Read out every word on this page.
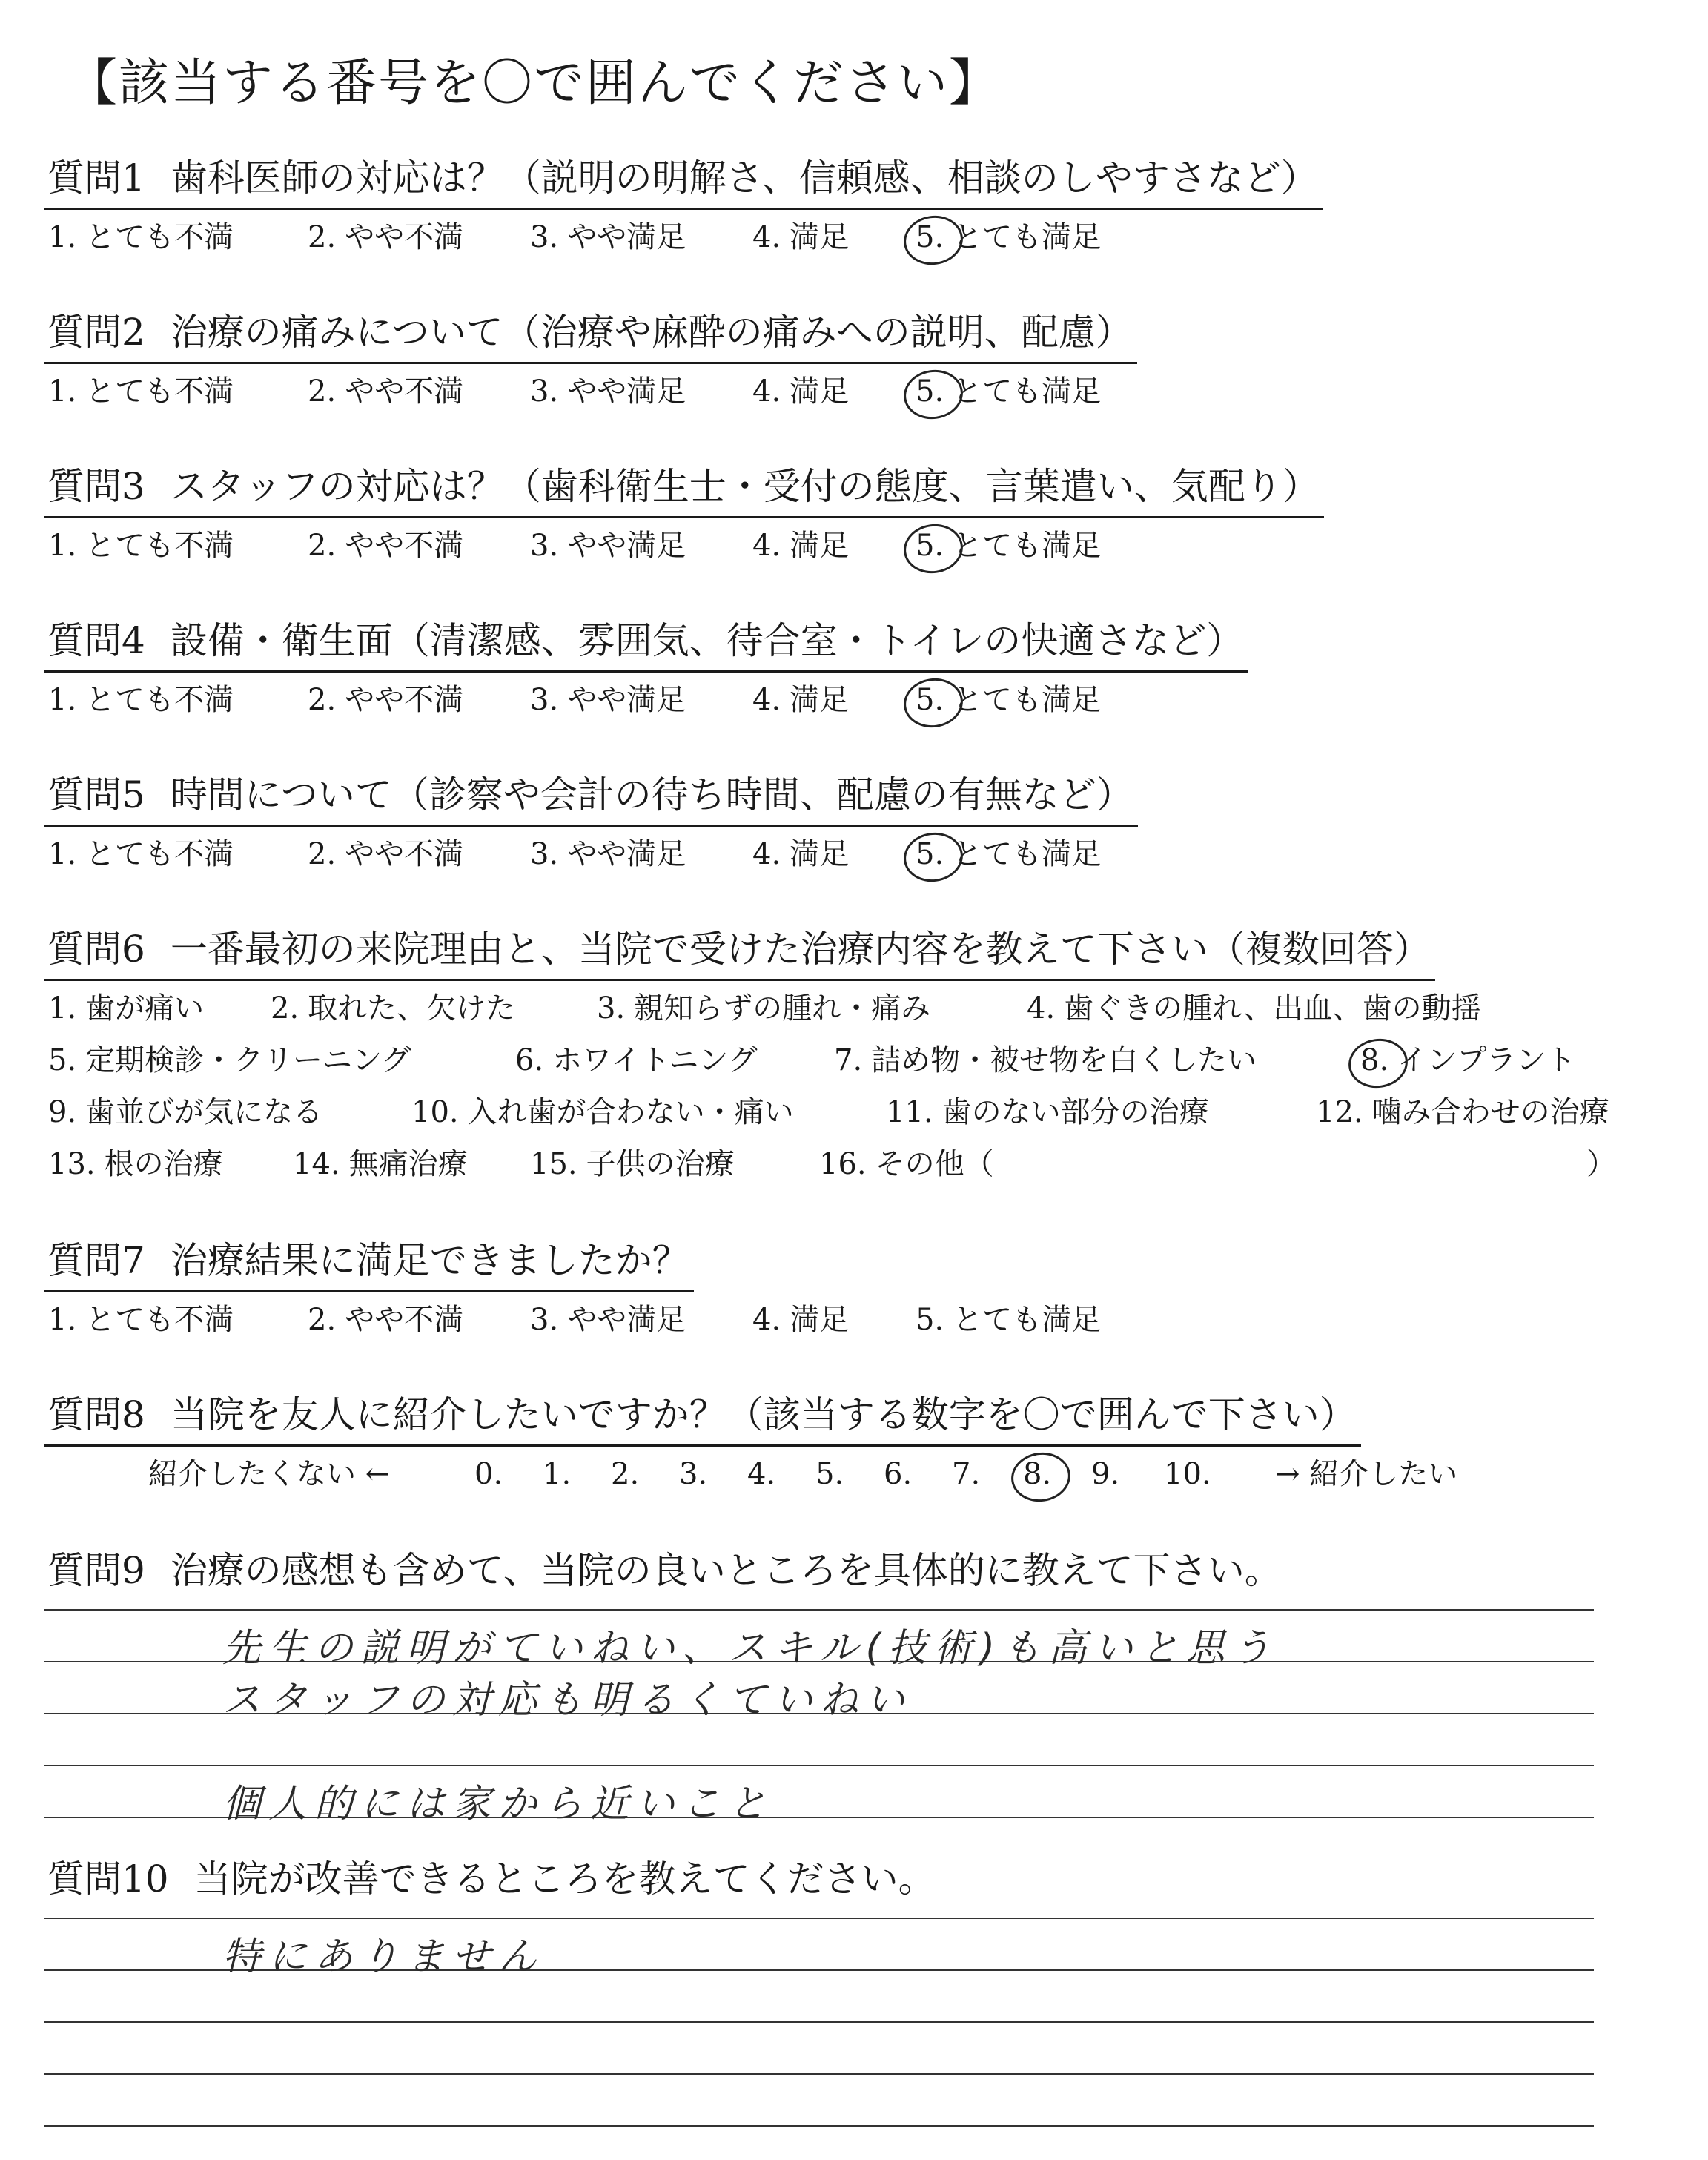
【該当する番号を〇で囲んでください】
質問1 歯科医師の対応は？（説明の明解さ、信頼感、相談のしやすさなど）
1. とても不満 2. やや不満 3. やや満足 4. 満足 5. とても満足
質問2 治療の痛みについて（治療や麻酔の痛みへの説明、配慮）
1. とても不満 2. やや不満 3. やや満足 4. 満足 5. とても満足
質問3 スタッフの対応は？（歯科衛生士・受付の態度、言葉遣い、気配り）
1. とても不満 2. やや不満 3. やや満足 4. 満足 5. とても満足
質問4 設備・衛生面（清潔感、雰囲気、待合室・トイレの快適さなど）
1. とても不満 2. やや不満 3. やや満足 4. 満足 5. とても満足
質問5 時間について（診察や会計の待ち時間、配慮の有無など）
1. とても不満 2. やや不満 3. やや満足 4. 満足 5. とても満足
質問6 一番最初の来院理由と、当院で受けた治療内容を教えて下さい（複数回答）
1. 歯が痛い 2. 取れた、欠けた	3. 親知らずの腫れ・痛み	4. 歯ぐきの腫れ、出血、歯の動揺
5. 定期検診・クリーニング	6. ホワイトニング	7. 詰め物・被せ物を白くしたい	8. インプラント
9. 歯並びが気になる	10. 入れ歯が合わない・痛い	11. 歯のない部分の治療	12. 噛み合わせの治療
13. 根の治療 14. 無痛治療 15. 子供の治療	16. その他（	）
質問7 治療結果に満足できましたか？
1. とても不満 2. やや不満 3. やや満足 4. 満足 5. とても満足
質問8 当院を友人に紹介したいですか？（該当する数字を〇で囲んで下さい）
紹介したくない ←	0.	1.	2.	3.	4.	5.	6.	7.	8.	9.	10.	→ 紹介したい
質問9 治療の感想も含めて、当院の良いところを具体的に教えて下さい。
先生の説明がていねい、スキル(技術)も高いと思う
スタッフの対応も明るくていねい
個人的には家から近いこと
質問10 当院が改善できるところを教えてください。
特にありません
